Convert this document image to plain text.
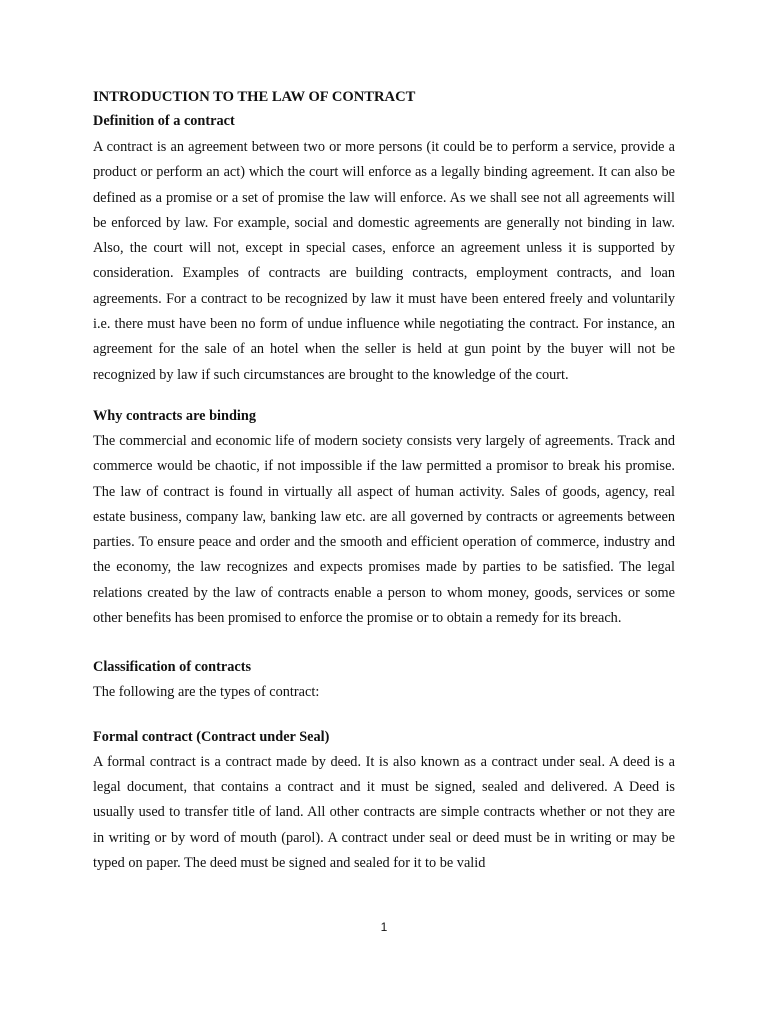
INTRODUCTION TO THE LAW OF CONTRACT
Definition of a contract

A contract is an agreement between two or more persons (it could be to perform a service, provide a product or perform an act) which the court will enforce as a legally binding agreement. It can also be defined as a promise or a set of promise the law will enforce. As we shall see not all agreements will be enforced by law. For example, social and domestic agreements are generally not binding in law. Also, the court will not, except in special cases, enforce an agreement unless it is supported by consideration. Examples of contracts are building contracts, employment contracts, and loan agreements. For a contract to be recognized by law it must have been entered freely and voluntarily i.e. there must have been no form of undue influence while negotiating the contract. For instance, an agreement for the sale of an hotel when the seller is held at gun point by the buyer will not be recognized by law if such circumstances are brought to the knowledge of the court.

Why contracts are binding

The commercial and economic life of modern society consists very largely of agreements. Track and commerce would be chaotic, if not impossible if the law permitted a promisor to break his promise. The law of contract is found in virtually all aspect of human activity. Sales of goods, agency, real estate business, company law, banking law etc. are all governed by contracts or agreements between parties. To ensure peace and order and the smooth and efficient operation of commerce, industry and the economy, the law recognizes and expects promises made by parties to be satisfied. The legal relations created by the law of contracts enable a person to whom money, goods, services or some other benefits has been promised to enforce the promise or to obtain a remedy for its breach.

Classification of contracts

The following are the types of contract:

Formal contract (Contract under Seal)

A formal contract is a contract made by deed. It is also known as a contract under seal. A deed is a legal document, that contains a contract and it must be signed, sealed and delivered. A Deed is usually used to transfer title of land. All other contracts are simple contracts whether or not they are in writing or by word of mouth (parol). A contract under seal or deed must be in writing or may be typed on paper. The deed must be signed and sealed for it to be valid

1
